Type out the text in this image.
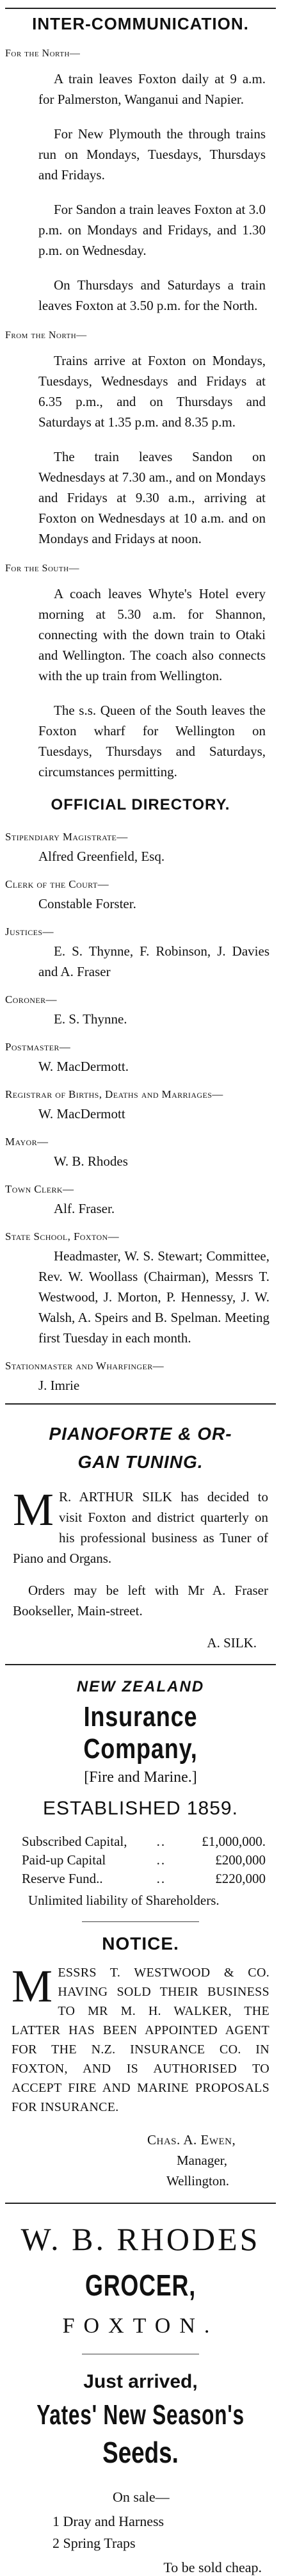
INTER-COMMUNICATION.
For the North—

A train leaves Foxton daily at 9 a.m. for Palmerston, Wanganui and Napier.

For New Plymouth the through trains run on Mondays, Tuesdays, Thursdays and Fridays.

For Sandon a train leaves Foxton at 3.0 p.m. on Mondays and Fridays, and 1.30 p.m. on Wednesday.

On Thursdays and Saturdays a train leaves Foxton at 3.50 p.m. for the North.

From the North—

Trains arrive at Foxton on Mondays, Tuesdays, Wednesdays and Fridays at 6.35 p.m., and on Thursdays and Saturdays at 1.35 p.m. and 8.35 p.m.

The train leaves Sandon on Wednesdays at 7.30 am., and on Mondays and Fridays at 9.30 a.m., arriving at Foxton on Wednesdays at 10 a.m. and on Mondays and Fridays at noon.

For the South—

A coach leaves Whyte's Hotel every morning at 5.30 a.m. for Shannon, connecting with the down train to Otaki and Wellington. The coach also connects with the up train from Wellington.

The s.s. Queen of the South leaves the Foxton wharf for Wellington on Tuesdays, Thursdays and Saturdays, circumstances permitting.

OFFICIAL DIRECTORY.
Stipendiary Magistrate—
Alfred Greenfield, Esq.
Clerk of the Court—
Constable Forster.
Justices—
E. S. Thynne, F. Robinson, J. Davies and A. Fraser
Coroner—
E. S. Thynne.
Postmaster—
W. MacDermott.
Registrar of Births, Deaths and Marriages—
W. MacDermott
Mayor—
W. B. Rhodes
Town Clerk—
Alf. Fraser.
State School, Foxton—
Headmaster, W. S. Stewart; Committee, Rev. W. Woollass (Chairman), Messrs T. Westwood, J. Morton, P. Hennessy, J. W. Walsh, A. Speirs and B. Spelman. Meeting first Tuesday in each month.
Stationmaster and Wharfinger—
J. Imrie
PIANOFORTE & OR-
GAN TUNING.
M R. ARTHUR SILK has decided to visit Foxton and district quarterly on his professional business as Tuner of Piano and Organs.

Orders may be left with Mr A. Fraser Bookseller, Main-street.

A. SILK.
NEW ZEALAND
Insurance Company,
[Fire and Marine.]
ESTABLISHED 1859.
Subscribed Capital,	..	£1,000,000.
Paid-up Capital	..	£200,000
Reserve Fund..	..	£220,000
Unlimited liability of Shareholders.
NOTICE.
MESSRS T. WESTWOOD & CO. HAVING SOLD THEIR BUSINESS TO MR M. H. WALKER, THE LATTER HAS BEEN APPOINTED AGENT FOR THE N.Z. INSURANCE CO. IN FOXTON, AND IS AUTHORISED TO ACCEPT FIRE AND MARINE PROPOSALS FOR INSURANCE.
Chas. A. Ewen,
Manager,
Wellington.
W. B. RHODES
GROCER,
FOXTON.
Just arrived,
Yates' New Season's
Seeds.
On sale—
1 Dray and Harness
2 Spring Traps
To be sold cheap.
